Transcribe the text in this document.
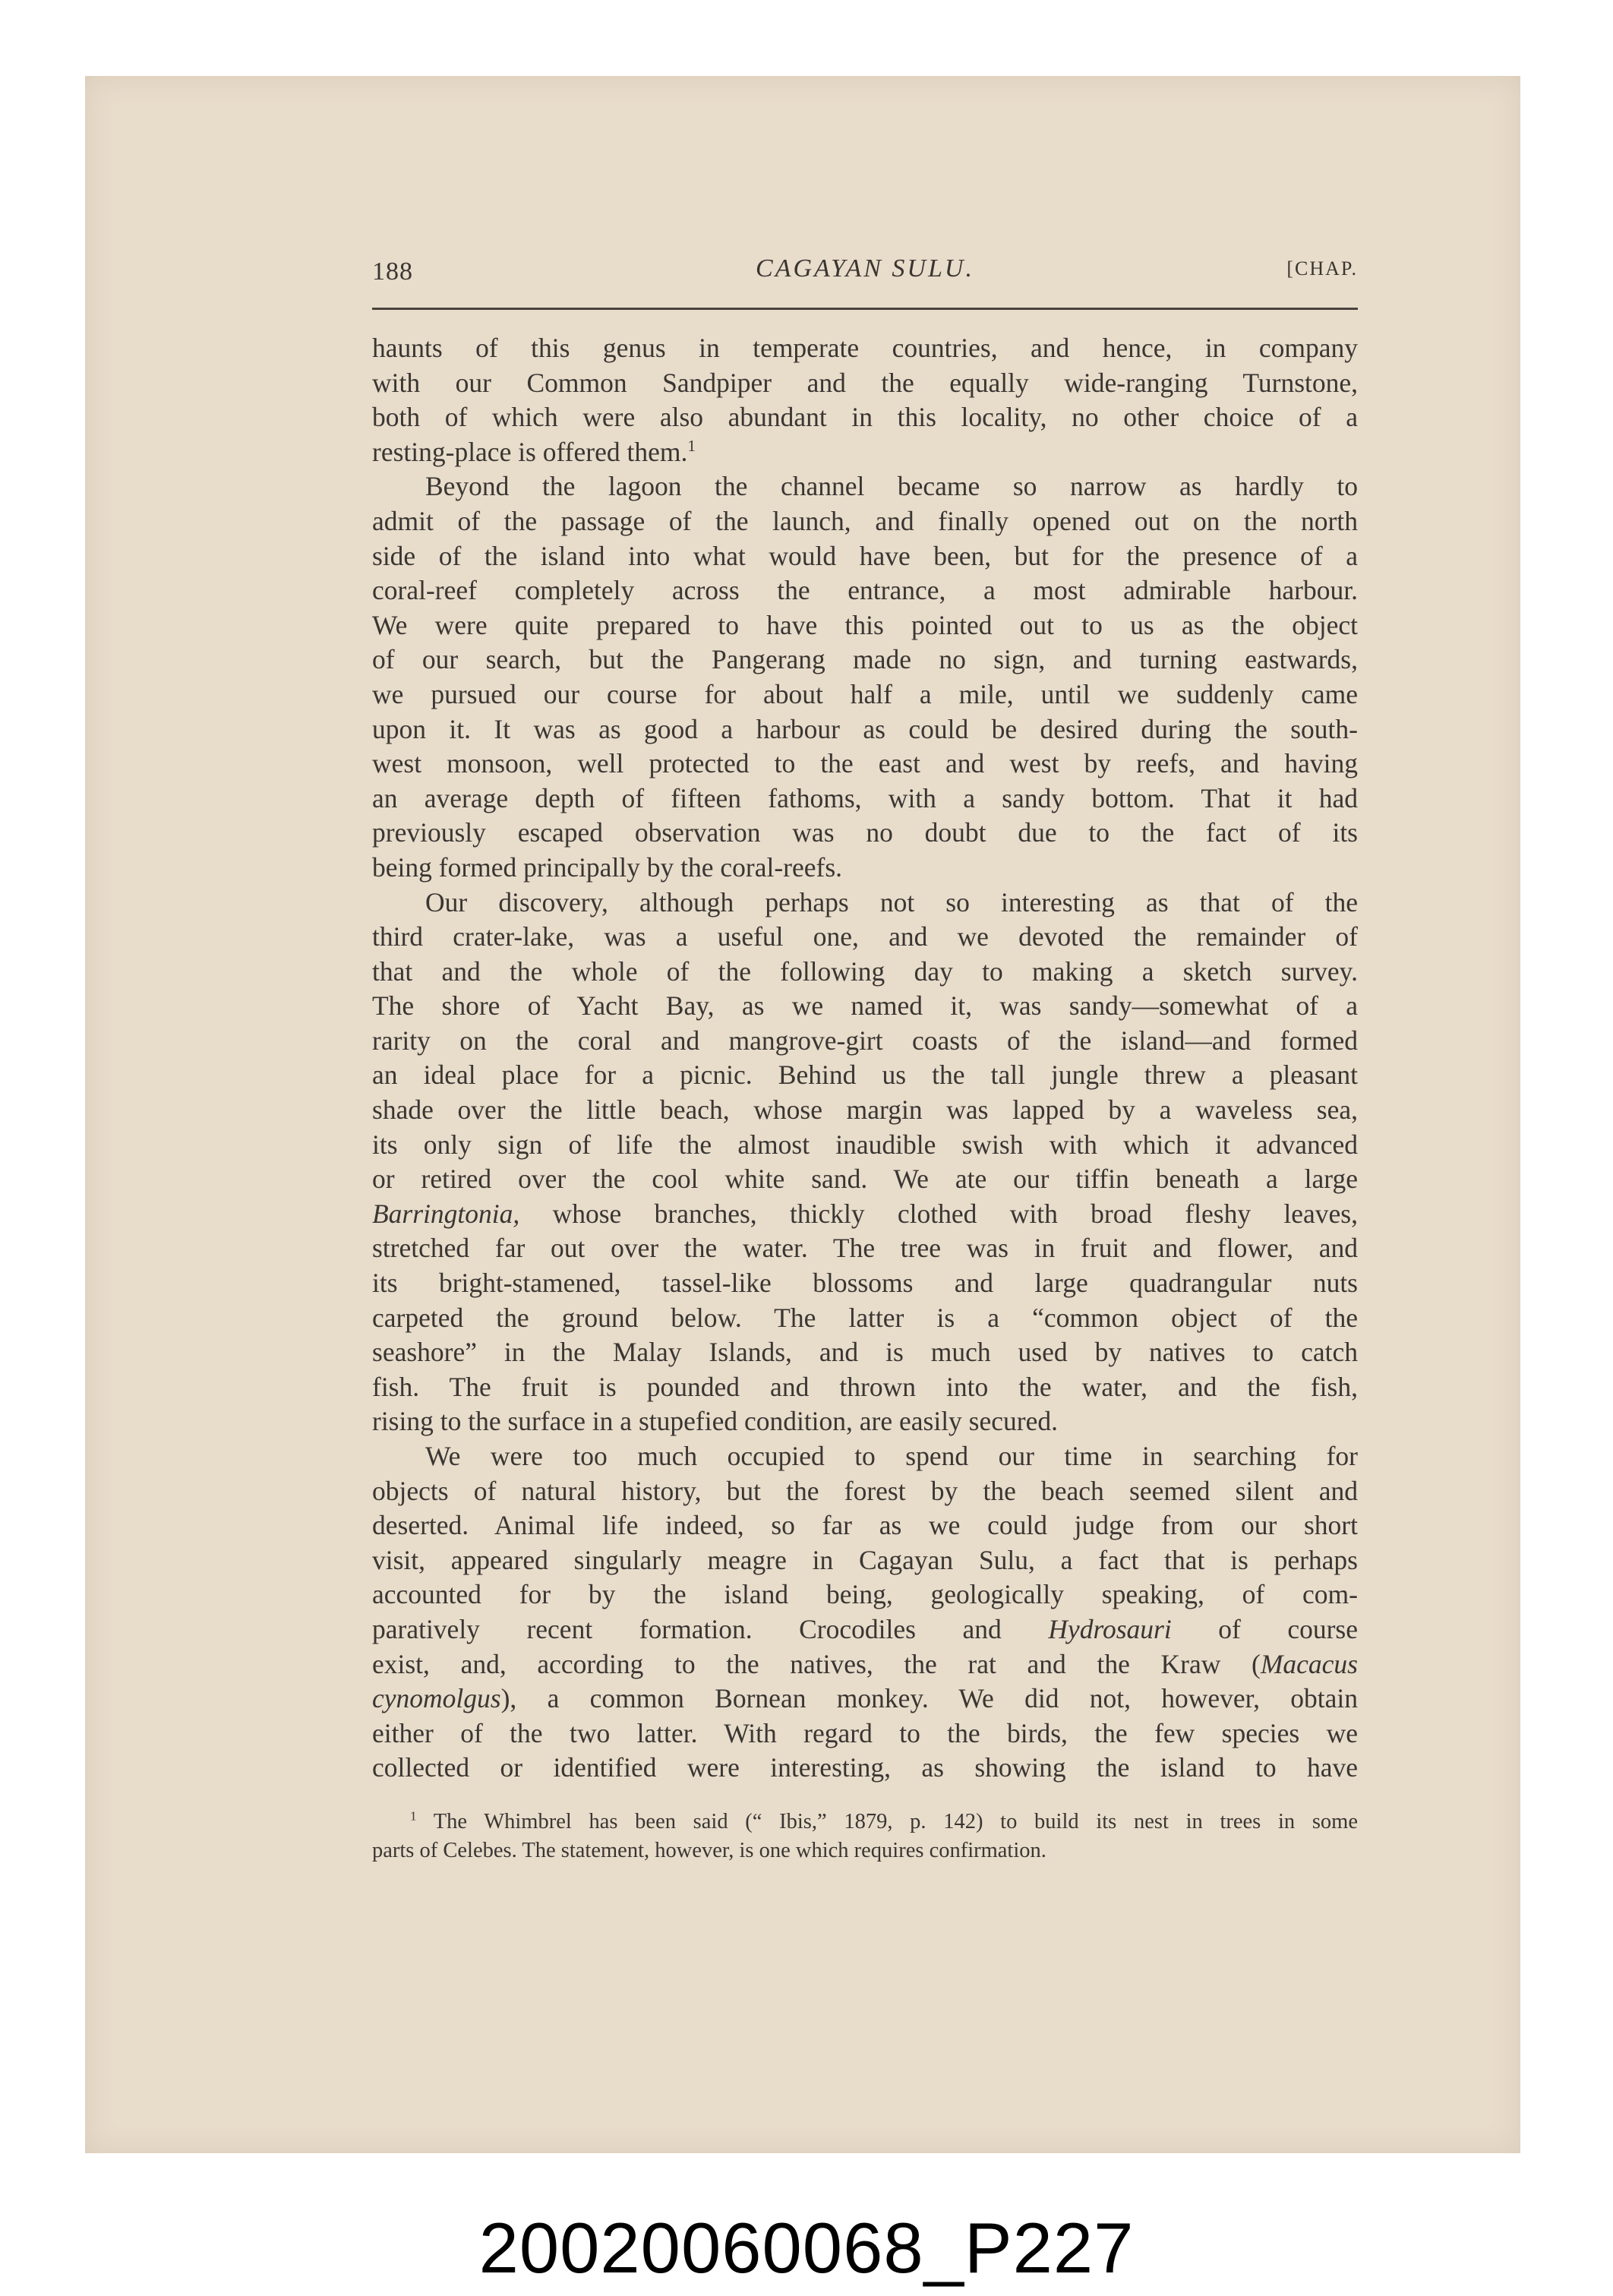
188	CAGAYAN SULU.	[CHAP.

haunts of this genus in temperate countries, and hence, in company
with our Common Sandpiper and the equally wide-ranging Turnstone,
both of which were also abundant in this locality, no other choice of a
resting-place is offered them.$^1$

Beyond the lagoon the channel became so narrow as hardly to
admit of the passage of the launch, and finally opened out on the north
side of the island into what would have been, but for the presence of a
coral-reef completely across the entrance, a most admirable harbour.
We were quite prepared to have this pointed out to us as the object
of our search, but the Pangerang made no sign, and turning eastwards,
we pursued our course for about half a mile, until we suddenly came
upon it. It was as good a harbour as could be desired during the south-
west monsoon, well protected to the east and west by reefs, and having
an average depth of fifteen fathoms, with a sandy bottom. That it had
previously escaped observation was no doubt due to the fact of its
being formed principally by the coral-reefs.

Our discovery, although perhaps not so interesting as that of the
third crater-lake, was a useful one, and we devoted the remainder of
that and the whole of the following day to making a sketch survey.
The shore of Yacht Bay, as we named it, was sandy—somewhat of a
rarity on the coral and mangrove-girt coasts of the island—and formed
an ideal place for a picnic. Behind us the tall jungle threw a pleasant
shade over the little beach, whose margin was lapped by a waveless sea,
its only sign of life the almost inaudible swish with which it advanced
or retired over the cool white sand. We ate our tiffin beneath a large
Barringtonia, whose branches, thickly clothed with broad fleshy leaves,
stretched far out over the water. The tree was in fruit and flower, and
its bright-stamened, tassel-like blossoms and large quadrangular nuts
carpeted the ground below. The latter is a “common object of the
seashore” in the Malay Islands, and is much used by natives to catch
fish. The fruit is pounded and thrown into the water, and the fish,
rising to the surface in a stupefied condition, are easily secured.

We were too much occupied to spend our time in searching for
objects of natural history, but the forest by the beach seemed silent and
deserted. Animal life indeed, so far as we could judge from our short
visit, appeared singularly meagre in Cagayan Sulu, a fact that is perhaps
accounted for by the island being, geologically speaking, of com-
paratively recent formation. Crocodiles and Hydrosauri of course
exist, and, according to the natives, the rat and the Kraw (Macacus
cynomolgus), a common Bornean monkey. We did not, however, obtain
either of the two latter. With regard to the birds, the few species we
collected or identified were interesting, as showing the island to have

$^1$ The Whimbrel has been said (“ Ibis,” 1879, p. 142) to build its nest in trees in some
parts of Celebes. The statement, however, is one which requires confirmation.
20020060068_P227
